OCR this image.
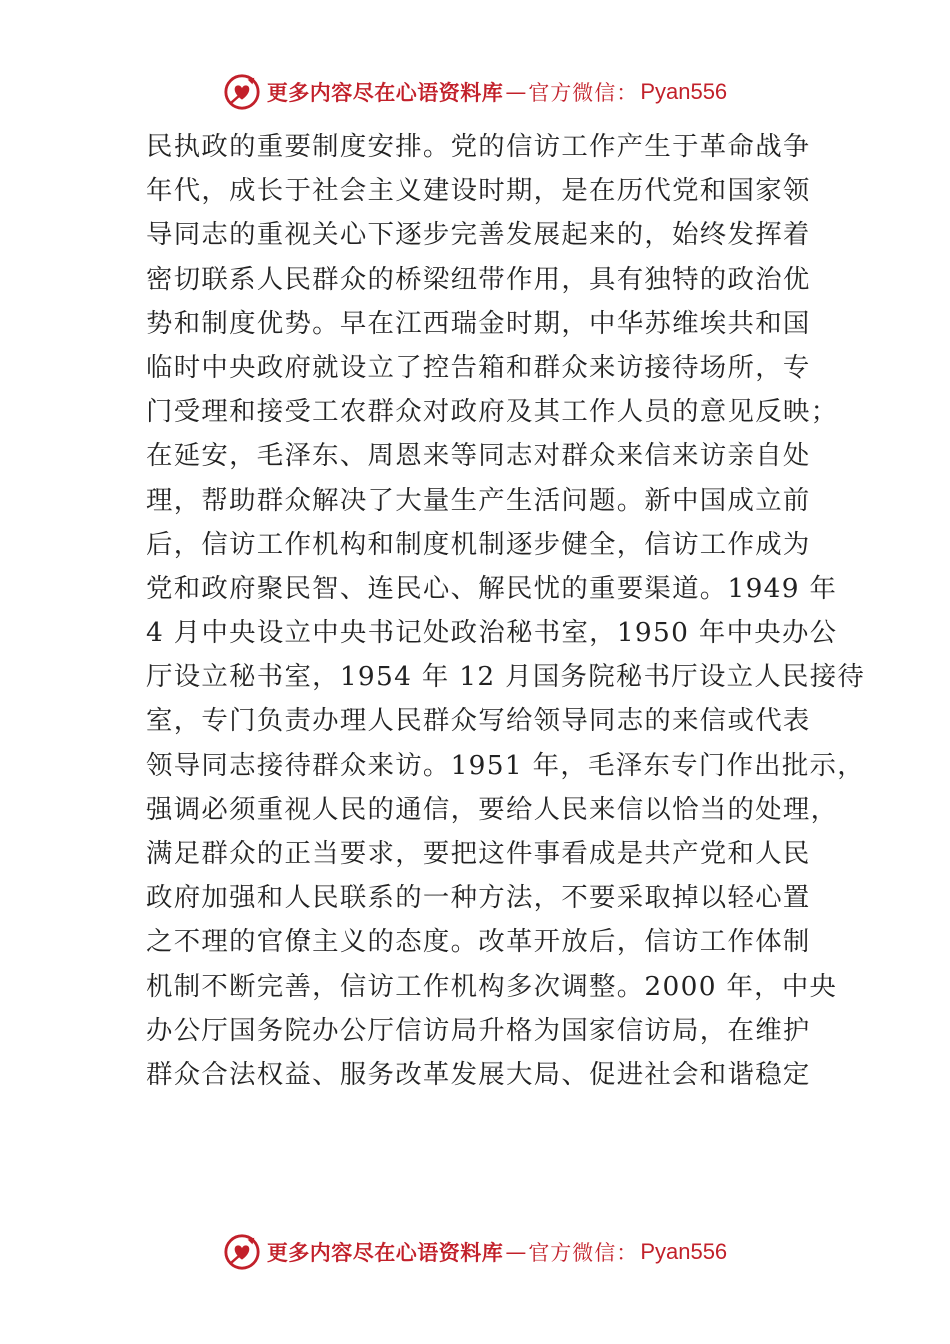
更多内容尽在心语资料库 — 官方微信： Pyan556
民执政的重要制度安排。党的信访工作产生于革命战争
年代，成长于社会主义建设时期，是在历代党和国家领
导同志的重视关心下逐步完善发展起来的，始终发挥着
密切联系人民群众的桥梁纽带作用，具有独特的政治优
势和制度优势。早在江西瑞金时期，中华苏维埃共和国
临时中央政府就设立了控告箱和群众来访接待场所，专
门受理和接受工农群众对政府及其工作人员的意见反映；
在延安，毛泽东、周恩来等同志对群众来信来访亲自处
理，帮助群众解决了大量生产生活问题。新中国成立前
后，信访工作机构和制度机制逐步健全，信访工作成为
党和政府聚民智、连民心、解民忧的重要渠道。1949 年
4 月中央设立中央书记处政治秘书室，1950 年中央办公
厅设立秘书室，1954 年 12 月国务院秘书厅设立人民接待
室，专门负责办理人民群众写给领导同志的来信或代表
领导同志接待群众来访。1951 年，毛泽东专门作出批示，
强调必须重视人民的通信，要给人民来信以恰当的处理，
满足群众的正当要求，要把这件事看成是共产党和人民
政府加强和人民联系的一种方法，不要采取掉以轻心置
之不理的官僚主义的态度。改革开放后，信访工作体制
机制不断完善，信访工作机构多次调整。2000 年，中央
办公厅国务院办公厅信访局升格为国家信访局，在维护
群众合法权益、服务改革发展大局、促进社会和谐稳定
更多内容尽在心语资料库 — 官方微信： Pyan556
